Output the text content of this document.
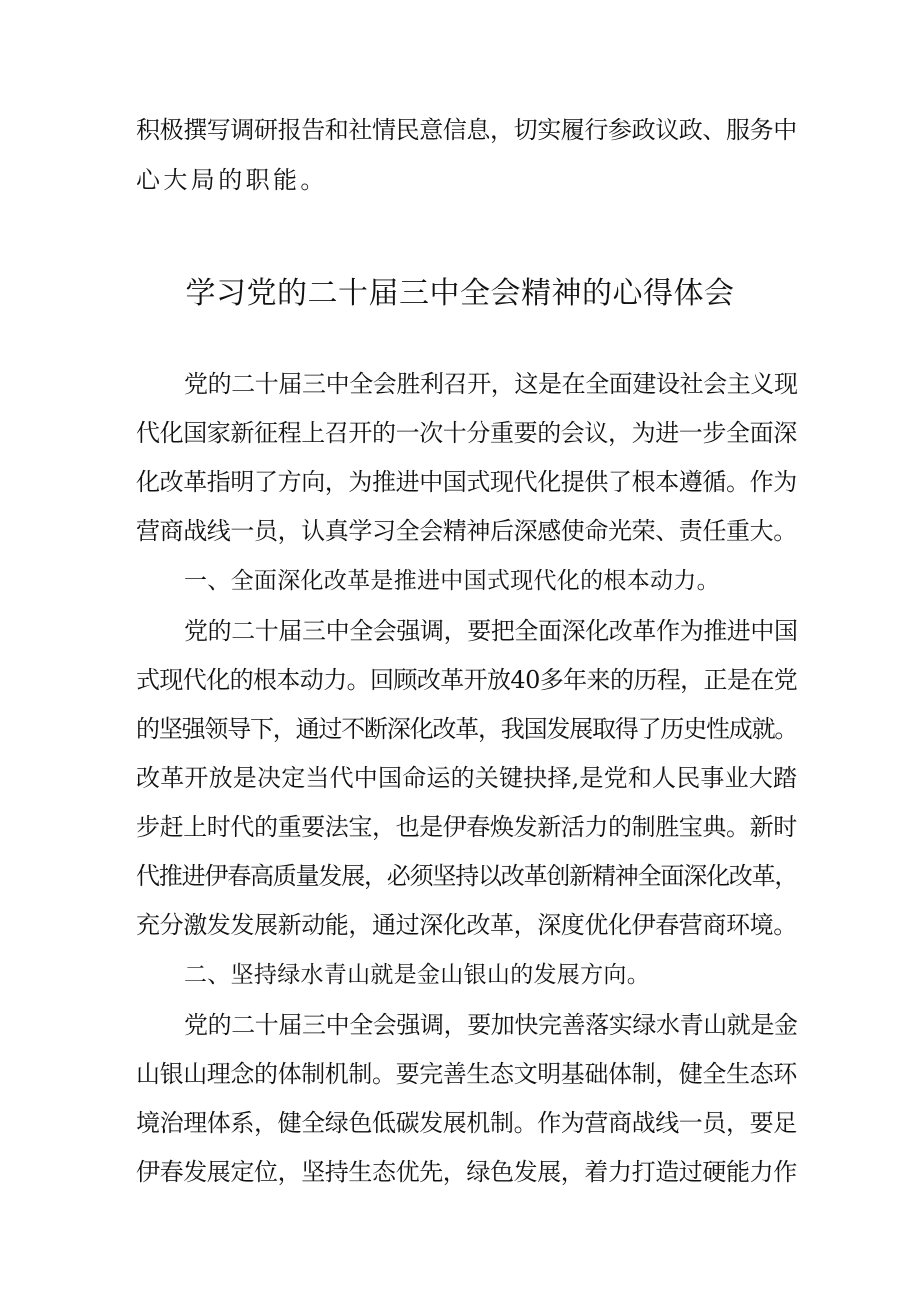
积极撰写调研报告和社情民意信息，切实履行参政议政、服务中
心大局的职能。
学习党的二十届三中全会精神的心得体会
党的二十届三中全会胜利召开，这是在全面建设社会主义现
代化国家新征程上召开的一次十分重要的会议，为进一步全面深
化改革指明了方向，为推进中国式现代化提供了根本遵循。作为
营商战线一员，认真学习全会精神后深感使命光荣、责任重大。
一、全面深化改革是推进中国式现代化的根本动力。
党的二十届三中全会强调，要把全面深化改革作为推进中国
式现代化的根本动力。回顾改革开放40多年来的历程，正是在党
的坚强领导下，通过不断深化改革，我国发展取得了历史性成就。
改革开放是决定当代中国命运的关键抉择,是党和人民事业大踏
步赶上时代的重要法宝，也是伊春焕发新活力的制胜宝典。新时
代推进伊春高质量发展，必须坚持以改革创新精神全面深化改革，
充分激发发展新动能，通过深化改革，深度优化伊春营商环境。
二、坚持绿水青山就是金山银山的发展方向。
党的二十届三中全会强调，要加快完善落实绿水青山就是金
山银山理念的体制机制。要完善生态文明基础体制，健全生态环
境治理体系，健全绿色低碳发展机制。作为营商战线一员，要足
伊春发展定位，坚持生态优先，绿色发展，着力打造过硬能力作
